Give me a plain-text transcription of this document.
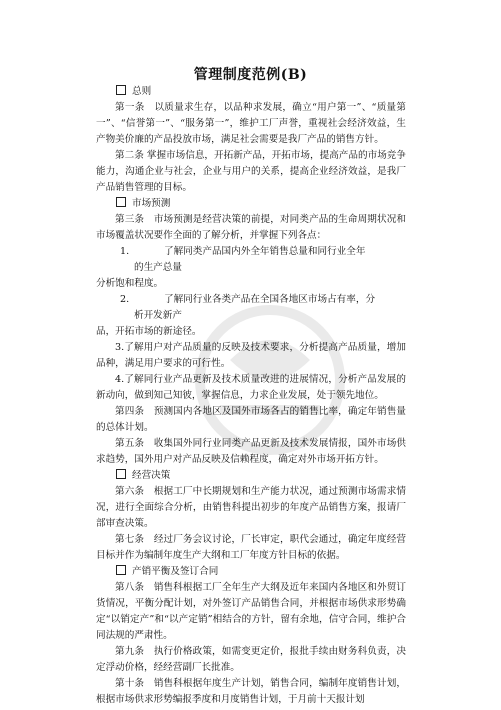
管理制度范例(B)

总则

第一条　以质量求生存，以品种求发展，确立“用户第一”、“质量第一”、“信誉第一”、“服务第一”，维护工厂声誉，重视社会经济效益，生产物美价廉的产品投放市场，满足社会需要是我厂产品的销售方针。

第二条 掌握市场信息，开拓新产品，开拓市场，提高产品的市场竞争能力，沟通企业与社会，企业与用户的关系，提高企业经济效益，是我厂产品销售管理的目标。

市场预测

第三条　市场预测是经营决策的前提，对同类产品的生命周期状况和市场覆盖状况要作全面的了解分析，并掌握下列各点：

1.	了解同类产品国内外全年销售总量和同行业全年
的生产总量
分析饱和程度。

2.	了解同行业各类产品在全国各地区市场占有率，分
析开发新产
品，开拓市场的新途径。

3.了解用户对产品质量的反映及技术要求，分析提高产品质量，增加品种，满足用户要求的可行性。

4.了解同行业产品更新及技术质量改进的进展情况，分析产品发展的新动向，做到知己知彼，掌握信息，力求企业发展，处于领先地位。

第四条　预测国内各地区及国外市场各占的销售比率，确定年销售量的总体计划。

第五条　收集国外同行业同类产品更新及技术发展情报，国外市场供求趋势，国外用户对产品反映及信赖程度，确定对外市场开拓方针。

经营决策

第六条　根据工厂中长期规划和生产能力状况，通过预测市场需求情况，进行全面综合分析，由销售科提出初步的年度产品销售方案，报请厂部审查决策。

第七条　经过厂务会议讨论，厂长审定，职代会通过，确定年度经营目标并作为编制年度生产大纲和工厂年度方针目标的依据。

产销平衡及签订合同

第八条　销售科根据工厂全年生产大纲及近年来国内各地区和外贸订货情况，平衡分配计划，对外签订产品销售合同，并根据市场供求形势确定“以销定产”和“以产定销”相结合的方针，留有余地，信守合同，维护合同法规的严肃性。

第九条　执行价格政策，如需变更定价，报批手续由财务科负责，决定浮动价格，经经营副厂长批准。

第十条　销售科根据年度生产计划，销售合同，编制年度销售计划，根据市场供求形势编报季度和月度销售计划，于月前十天报计划
